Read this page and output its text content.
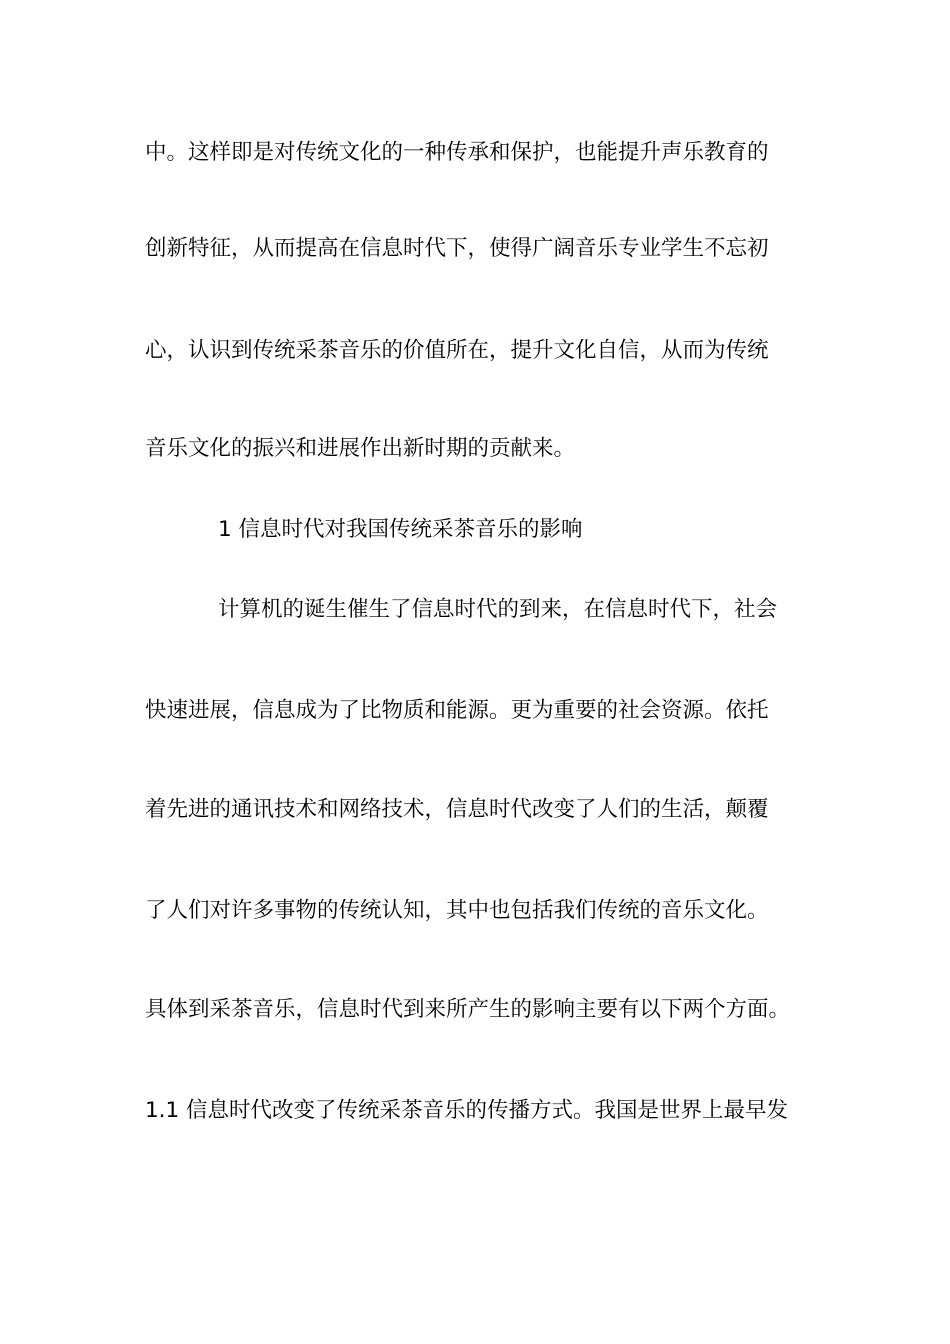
中。这样即是对传统文化的一种传承和保护，也能提升声乐教育的
创新特征，从而提高在信息时代下，使得广阔音乐专业学生不忘初
心，认识到传统采茶音乐的价值所在，提升文化自信，从而为传统
音乐文化的振兴和进展作出新时期的贡献来。
1 信息时代对我国传统采茶音乐的影响
计算机的诞生催生了信息时代的到来，在信息时代下，社会
快速进展，信息成为了比物质和能源。更为重要的社会资源。依托
着先进的通讯技术和网络技术，信息时代改变了人们的生活，颠覆
了人们对许多事物的传统认知，其中也包括我们传统的音乐文化。
具体到采茶音乐，信息时代到来所产生的影响主要有以下两个方面。
1.1 信息时代改变了传统采茶音乐的传播方式。我国是世界上最早发
